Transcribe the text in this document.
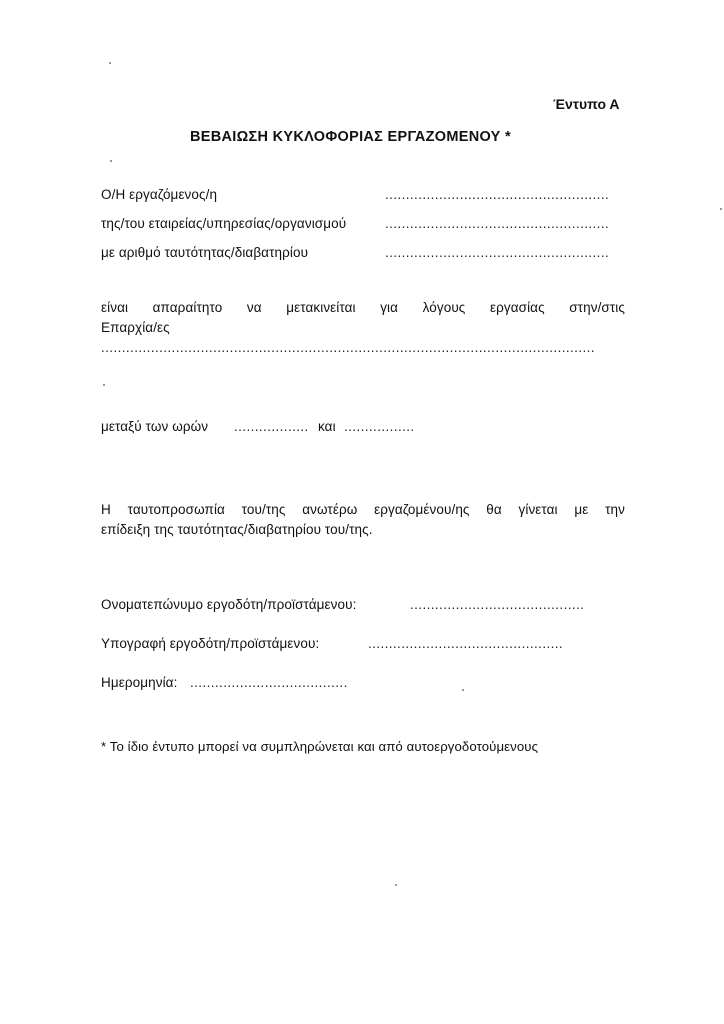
Έντυπο Α
ΒΕΒΑΙΩΣΗ ΚΥΚΛΟΦΟΡΙΑΣ ΕΡΓΑΖΟΜΕΝΟΥ *
Ο/Η εργαζόμενος/η	......................................................
της/του εταιρείας/υπηρεσίας/οργανισμού	......................................................
με αριθμό ταυτότητας/διαβατηρίου	......................................................
είναι απαραίτητο να μετακινείται για λόγους εργασίας στην/στις
Επαρχία/ες
.......................................................................................................................
μεταξύ των ωρών .................. και .................
Η ταυτοπροσωπία του/της ανωτέρω εργαζομένου/ης θα γίνεται με την
επίδειξη της ταυτότητας/διαβατηρίου του/της.
Ονοματεπώνυμο εργοδότη/προϊστάμενου:	..........................................
Υπογραφή εργοδότη/προϊστάμενου:	...............................................
Ημερομηνία: ......................................
* Το ίδιο έντυπο μπορεί να συμπληρώνεται και από αυτοεργοδοτούμενους
